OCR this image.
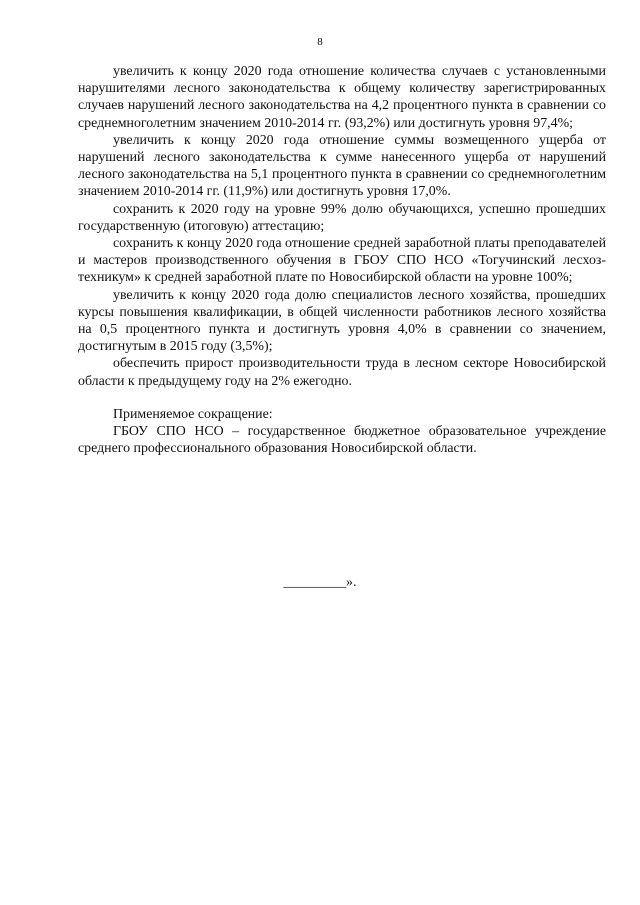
8

увеличить к концу 2020 года отношение количества случаев с установленными нарушителями лесного законодательства к общему количеству зарегистрированных случаев нарушений лесного законодательства на 4,2 процентного пункта в сравнении со среднемноголетним значением 2010-2014 гг. (93,2%) или достигнуть уровня 97,4%;

увеличить к концу 2020 года отношение суммы возмещенного ущерба от нарушений лесного законодательства к сумме нанесенного ущерба от нарушений лесного законодательства на 5,1 процентного пункта в сравнении со среднемноголетним значением 2010-2014 гг. (11,9%) или достигнуть уровня 17,0%.

сохранить к 2020 году на уровне 99% долю обучающихся, успешно прошедших государственную (итоговую) аттестацию;

сохранить к концу 2020 года отношение средней заработной платы преподавателей и мастеров производственного обучения в ГБОУ СПО НСО «Тогучинский лесхоз-техникум» к средней заработной плате по Новосибирской области на уровне 100%;

увеличить к концу 2020 года долю специалистов лесного хозяйства, прошедших курсы повышения квалификации, в общей численности работников лесного хозяйства на 0,5 процентного пункта и достигнуть уровня 4,0% в сравнении со значением, достигнутым в 2015 году (3,5%);

обеспечить прирост производительности труда в лесном секторе Новосибирской области к предыдущему году на 2% ежегодно.

Применяемое сокращение:

ГБОУ СПО НСО – государственное бюджетное образовательное учреждение среднего профессионального образования Новосибирской области.

_________».
